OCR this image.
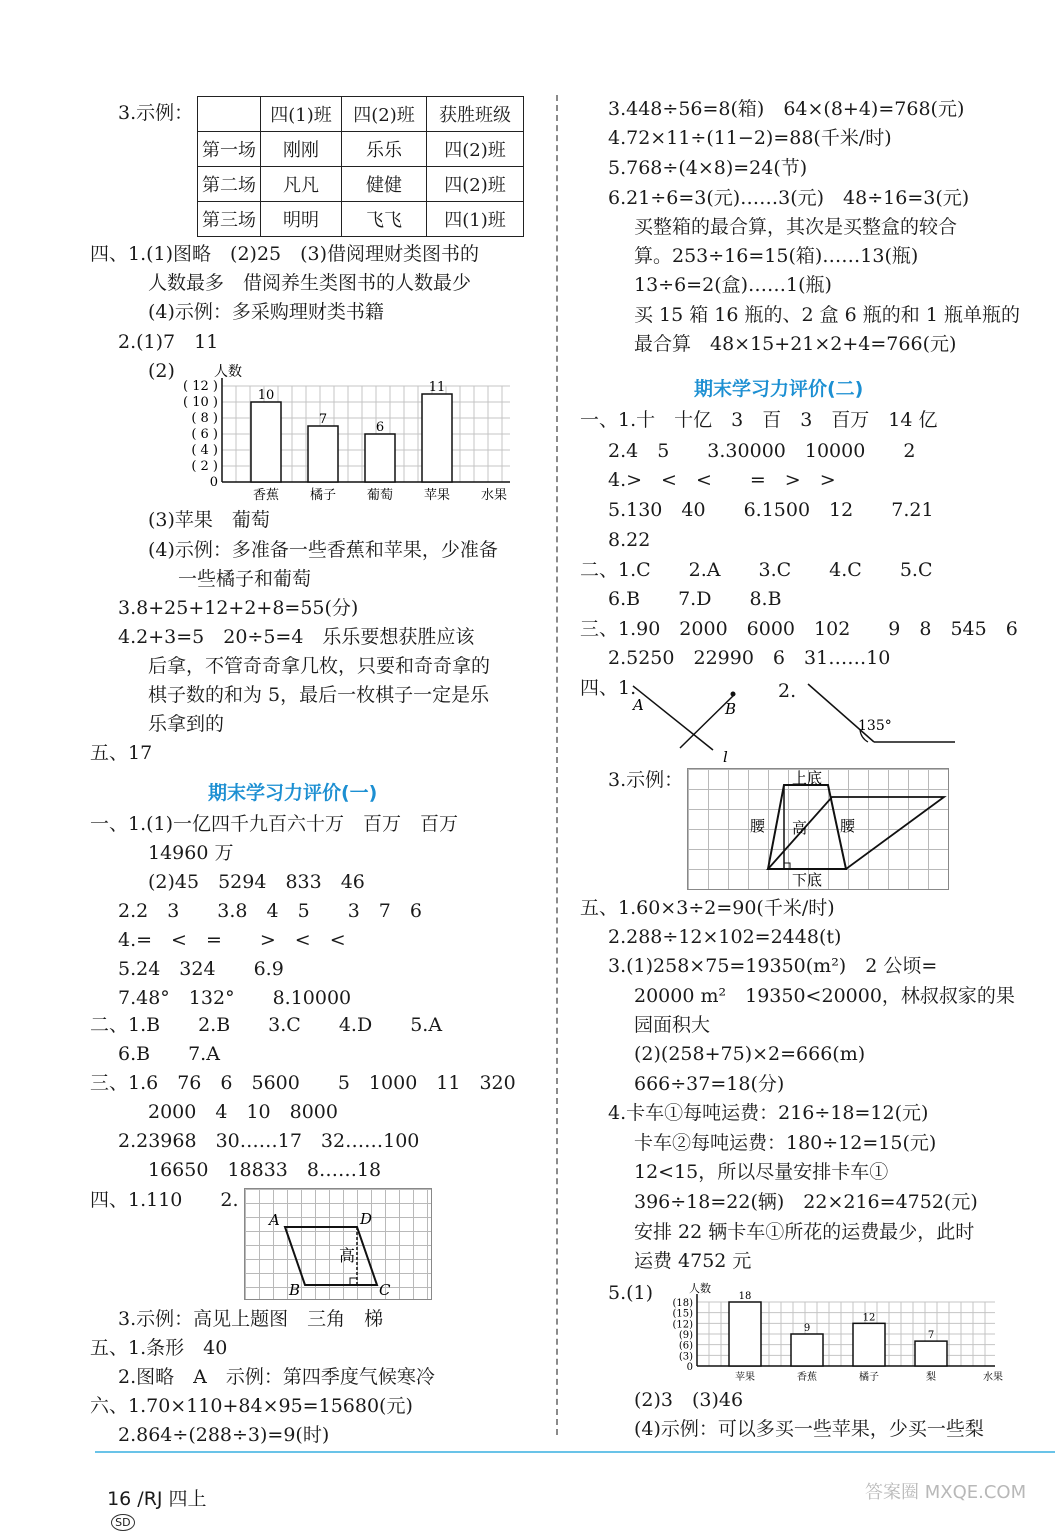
3.示例：
		四(1)班	四(2)班	获胜班级
第一场	刚刚	乐乐	四(2)班
第二场	凡凡	健健	四(2)班
第三场	明明	飞飞	四(1)班
四、1.(1)图略　(2)25　(3)借阅理财类图书的
人数最多　借阅养生类图书的人数最少
(4)示例：多采购理财类书籍
2.(1)7　11
(2)
( 12 )
( 10 )
( 8 )
( 6 )
( 4 )
( 2 )
0
人数
香蕉
10
橘子
7
葡萄
6
苹果
11
水果
(3)苹果　葡萄
(4)示例：多准备一些香蕉和苹果，少准备
一些橘子和葡萄
3.8+25+12+2+8=55(分)
4.2+3=5　20÷5=4　乐乐要想获胜应该
后拿，不管奇奇拿几枚，只要和奇奇拿的
棋子数的和为 5，最后一枚棋子一定是乐
乐拿到的
五、17
期末学习力评价(一)
一、1.(1)一亿四千九百六十万　百万　百万
14960 万
(2)45　5294　833　46
2.2　3　　3.8　4　5　　3　7　6
4.=　<　=　　>　<　<
5.24　324　　6.9
7.48°　132°　　8.10000
二、1.B　　2.B　　3.C　　4.D　　5.A
6.B　　7.A
三、1.6　76　6　5600　　5　1000　11　320
2000　4　10　8000
2.23968　30……17　32……100
16650　18833　8……18
四、1.110　　2.
A	D
B	C
高
3.示例：高见上题图　三角　梯
五、1.条形　40
2.图略　A　示例：第四季度气候寒冷
六、1.70×110+84×95=15680(元)
2.864÷(288÷3)=9(时)
3.448÷56=8(箱)　64×(8+4)=768(元)
4.72×11÷(11−2)=88(千米/时)
5.768÷(4×8)=24(节)
6.21÷6=3(元)……3(元)　48÷16=3(元)
买整箱的最合算，其次是买整盒的较合
算。253÷16=15(箱)……13(瓶)
13÷6=2(盒)……1(瓶)
买 15 箱 16 瓶的、2 盒 6 瓶的和 1 瓶单瓶的
最合算　48×15+21×2+4=766(元)
期末学习力评价(二)
一、1.十　十亿　3　百　3　百万　14 亿
2.4　5　　3.30000　10000　　2
4.>　<　<　　=　>　>
5.130　40　　6.1500　12　　7.21
8.22
二、1.C　　2.A　　3.C　　4.C　　5.C
6.B　　7.D　　8.B
三、1.90　2000　6000　102　　9　8　545　6
2.5250　22990　6　31……10
四、1.
A	B
l
2.
135°
3.示例：	上底
腰 高 腰
下底
五、1.60×3÷2=90(千米/时)
2.288÷12×102=2448(t)
3.(1)258×75=19350(m²)　2 公顷=
20000 m²　19350<20000，林叔叔家的果
园面积大
(2)(258+75)×2=666(m)
666÷37=18(分)
4.卡车①每吨运费：216÷18=12(元)
卡车②每吨运费：180÷12=15(元)
12<15，所以尽量安排卡车①
396÷18=22(辆)　22×216=4752(元)
安排 22 辆卡车①所花的运费最少，此时
运费 4752 元
5.(1) (18)
(15)
(12)
(9)
(6)
(3)
0
人数
苹果
18
香蕉
9
橘子
12
梨
7
水果
(2)3　(3)46
(4)示例：可以多买一些苹果，少买一些梨

16 /RJ 四上
SD

答案圈 MXQE.COM
